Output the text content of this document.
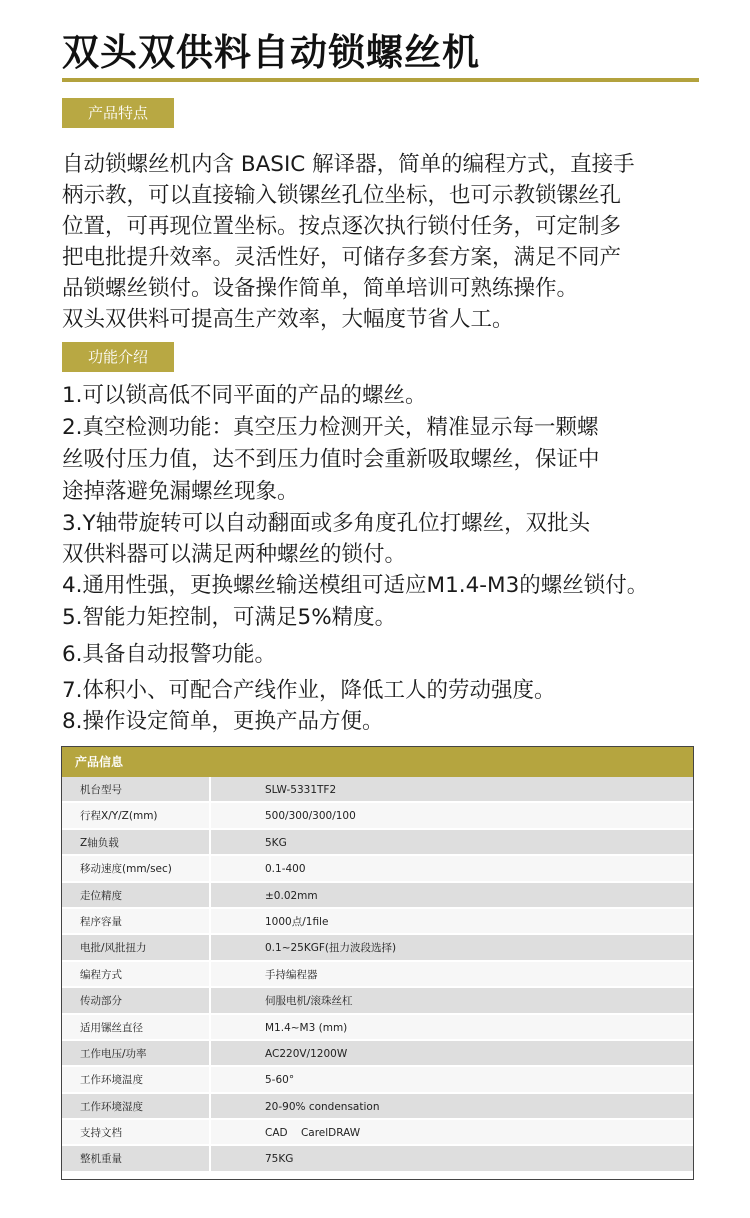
双头双供料自动锁螺丝机
产品特点
自动锁螺丝机内含 BASIC 解译器，简单的编程方式，直接手
柄示教，可以直接输入锁镙丝孔位坐标，也可示教锁镙丝孔
位置，可再现位置坐标。按点逐次执行锁付任务，可定制多
把电批提升效率。灵活性好，可储存多套方案，满足不同产
品锁螺丝锁付。设备操作简单，简单培训可熟练操作。
双头双供料可提高生产效率，大幅度节省人工。
功能介绍
1.可以锁高低不同平面的产品的螺丝。
2.真空检测功能：真空压力检测开关，精准显示每一颗螺
丝吸付压力值，达不到压力值时会重新吸取螺丝，保证中
途掉落避免漏螺丝现象。
3.Y轴带旋转可以自动翻面或多角度孔位打螺丝，双批头
双供料器可以满足两种螺丝的锁付。
4.通用性强，更换螺丝输送模组可适应M1.4-M3的螺丝锁付。
5.智能力矩控制，可满足5%精度。
6.具备自动报警功能。
7.体积小、可配合产线作业，降低工人的劳动强度。
8.操作设定简单，更换产品方便。
产品信息
机台型号	SLW-5331TF2
行程X/Y/Z(mm)	500/300/300/100
Z轴负载	5KG
移动速度(mm/sec)	0.1-400
走位精度	±0.02mm
程序容量	1000点/1file
电批/风批扭力	0.1~25KGF(扭力波段选择)
编程方式	手持编程器
传动部分	伺服电机/滚珠丝杠
适用镙丝直径	M1.4~M3 (mm)
工作电压/功率	AC220V/1200W
工作环境温度	5-60°
工作环境湿度	20-90% condensation
支持文档	CAD    CarelDRAW
整机重量	75KG
